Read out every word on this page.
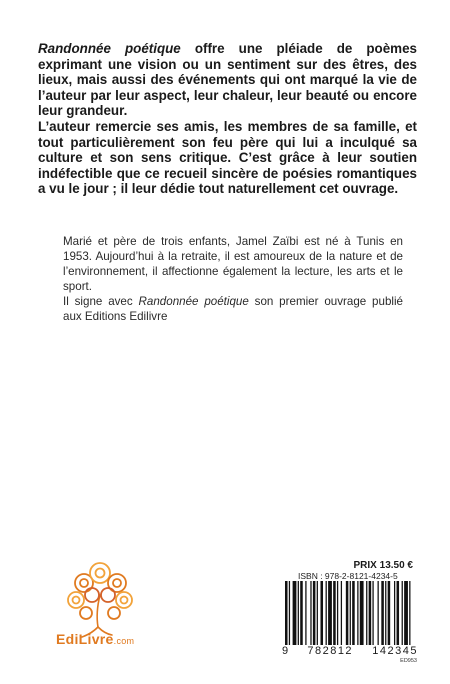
Randonnée poétique offre une pléiade de poèmes exprimant une vision ou un sentiment sur des êtres, des lieux, mais aussi des événements qui ont marqué la vie de l’auteur par leur aspect, leur chaleur, leur beauté ou encore leur grandeur.

L’auteur remercie ses amis, les membres de sa famille, et tout particulièrement son feu père qui lui a inculqué sa culture et son sens critique. C’est grâce à leur soutien indéfectible que ce recueil sincère de poésies romantiques a vu le jour ; il leur dédie tout naturellement cet ouvrage.

Marié et père de trois enfants, Jamel Zaïbi est né à Tunis en 1953. Aujourd’hui à la retraite, il est amoureux de la nature et de l’environnement, il affectionne également la lecture, les arts et le sport.

Il signe avec Randonnée poétique son premier ouvrage publié aux Editions Edilivre

EdiLivre.com
PRIX 13.50 €
ISBN : 978-2-8121-4234-5
9 782812 142345
ED953
